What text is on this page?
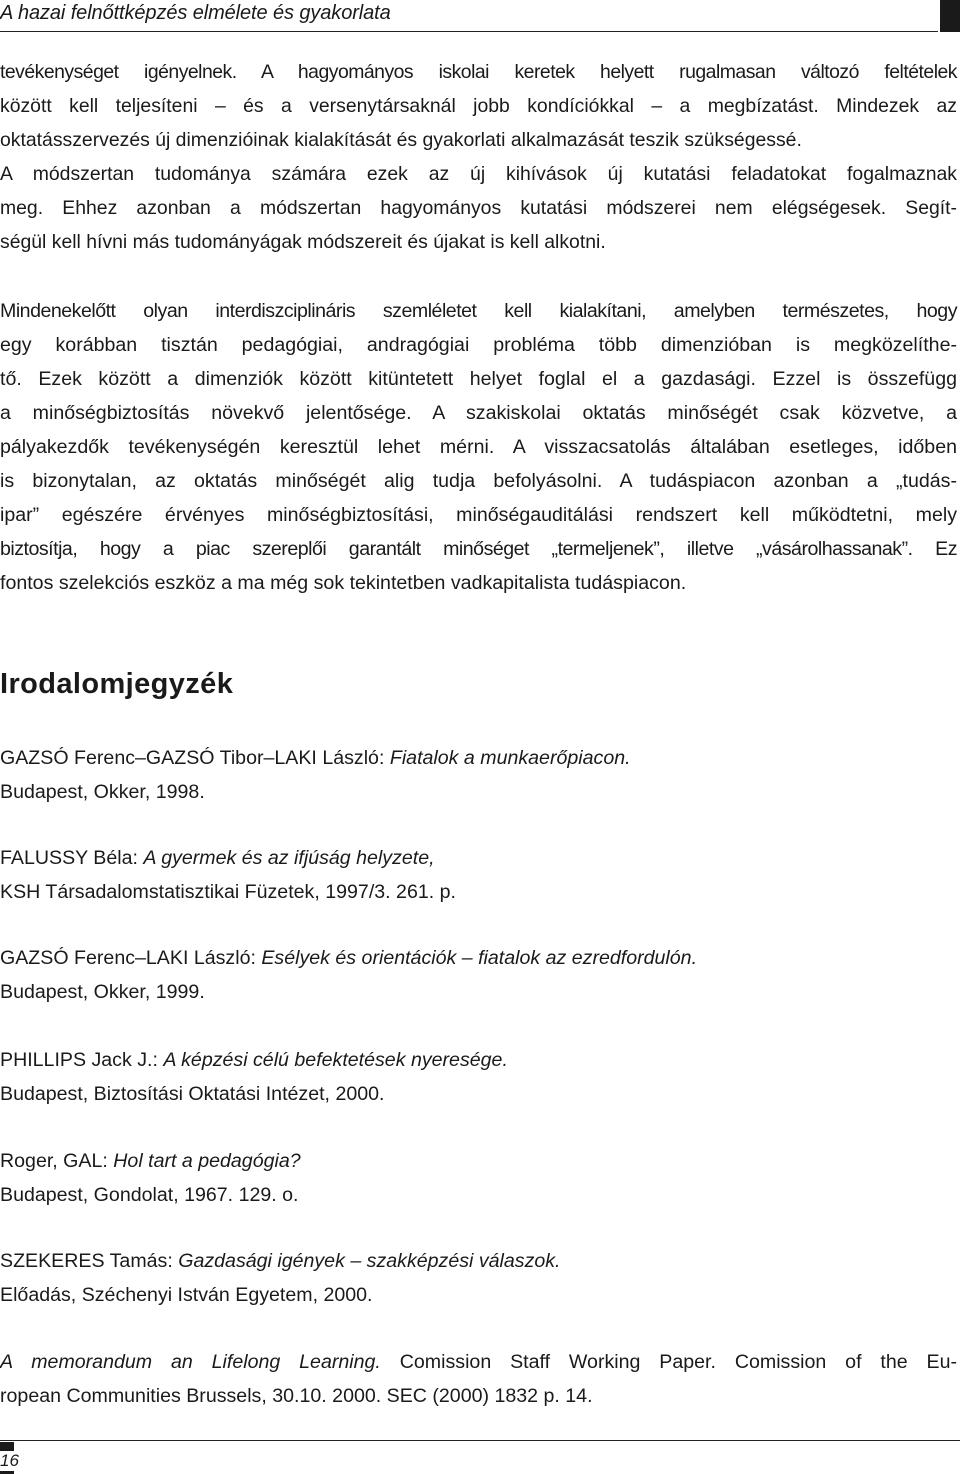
A hazai felnőttképzés elmélete és gyakorlata
tevékenységet igényelnek. A hagyományos iskolai keretek helyett rugalmasan változó feltételek
között kell teljesíteni – és a versenytársaknál jobb kondíciókkal – a megbízatást. Mindezek az
oktatásszervezés új dimenzióinak kialakítását és gyakorlati alkalmazását teszik szükségessé.
A módszertan tudománya számára ezek az új kihívások új kutatási feladatokat fogalmaznak
meg. Ehhez azonban a módszertan hagyományos kutatási módszerei nem elégségesek. Segít-
ségül kell hívni más tudományágak módszereit és újakat is kell alkotni.
Mindenekelőtt olyan interdiszciplináris szemléletet kell kialakítani, amelyben természetes, hogy
egy korábban tisztán pedagógiai, andragógiai probléma több dimenzióban is megközelíthe-
tő. Ezek között a dimenziók között kitüntetett helyet foglal el a gazdasági. Ezzel is összefügg
a minőségbiztosítás növekvő jelentősége. A szakiskolai oktatás minőségét csak közvetve, a
pályakezdők tevékenységén keresztül lehet mérni. A visszacsatolás általában esetleges, időben
is bizonytalan, az oktatás minőségét alig tudja befolyásolni. A tudáspiacon azonban a „tudás-
ipar” egészére érvényes minőségbiztosítási, minőségauditálási rendszert kell működtetni, mely
biztosítja, hogy a piac szereplői garantált minőséget „termeljenek”, illetve „vásárolhassanak”. Ez
fontos szelekciós eszköz a ma még sok tekintetben vadkapitalista tudáspiacon.
Irodalomjegyzék
GAZSÓ Ferenc–GAZSÓ Tibor–LAKI László: Fiatalok a munkaerőpiacon.
Budapest, Okker, 1998.
FALUSSY Béla: A gyermek és az ifjúság helyzete,
KSH Társadalomstatisztikai Füzetek, 1997/3. 261. p.
GAZSÓ Ferenc–LAKI László: Esélyek és orientációk – fiatalok az ezredfordulón.
Budapest, Okker, 1999.
PHILLIPS Jack J.: A képzési célú befektetések nyeresége.
Budapest, Biztosítási Oktatási Intézet, 2000.
Roger, GAL: Hol tart a pedagógia?
Budapest, Gondolat, 1967. 129. o.
SZEKERES Tamás: Gazdasági igények – szakképzési válaszok.
Előadás, Széchenyi István Egyetem, 2000.
A memorandum an Lifelong Learning. Comission Staff Working Paper. Comission of the Eu-
ropean Communities Brussels, 30.10. 2000. SEC (2000) 1832 p. 14.
16
